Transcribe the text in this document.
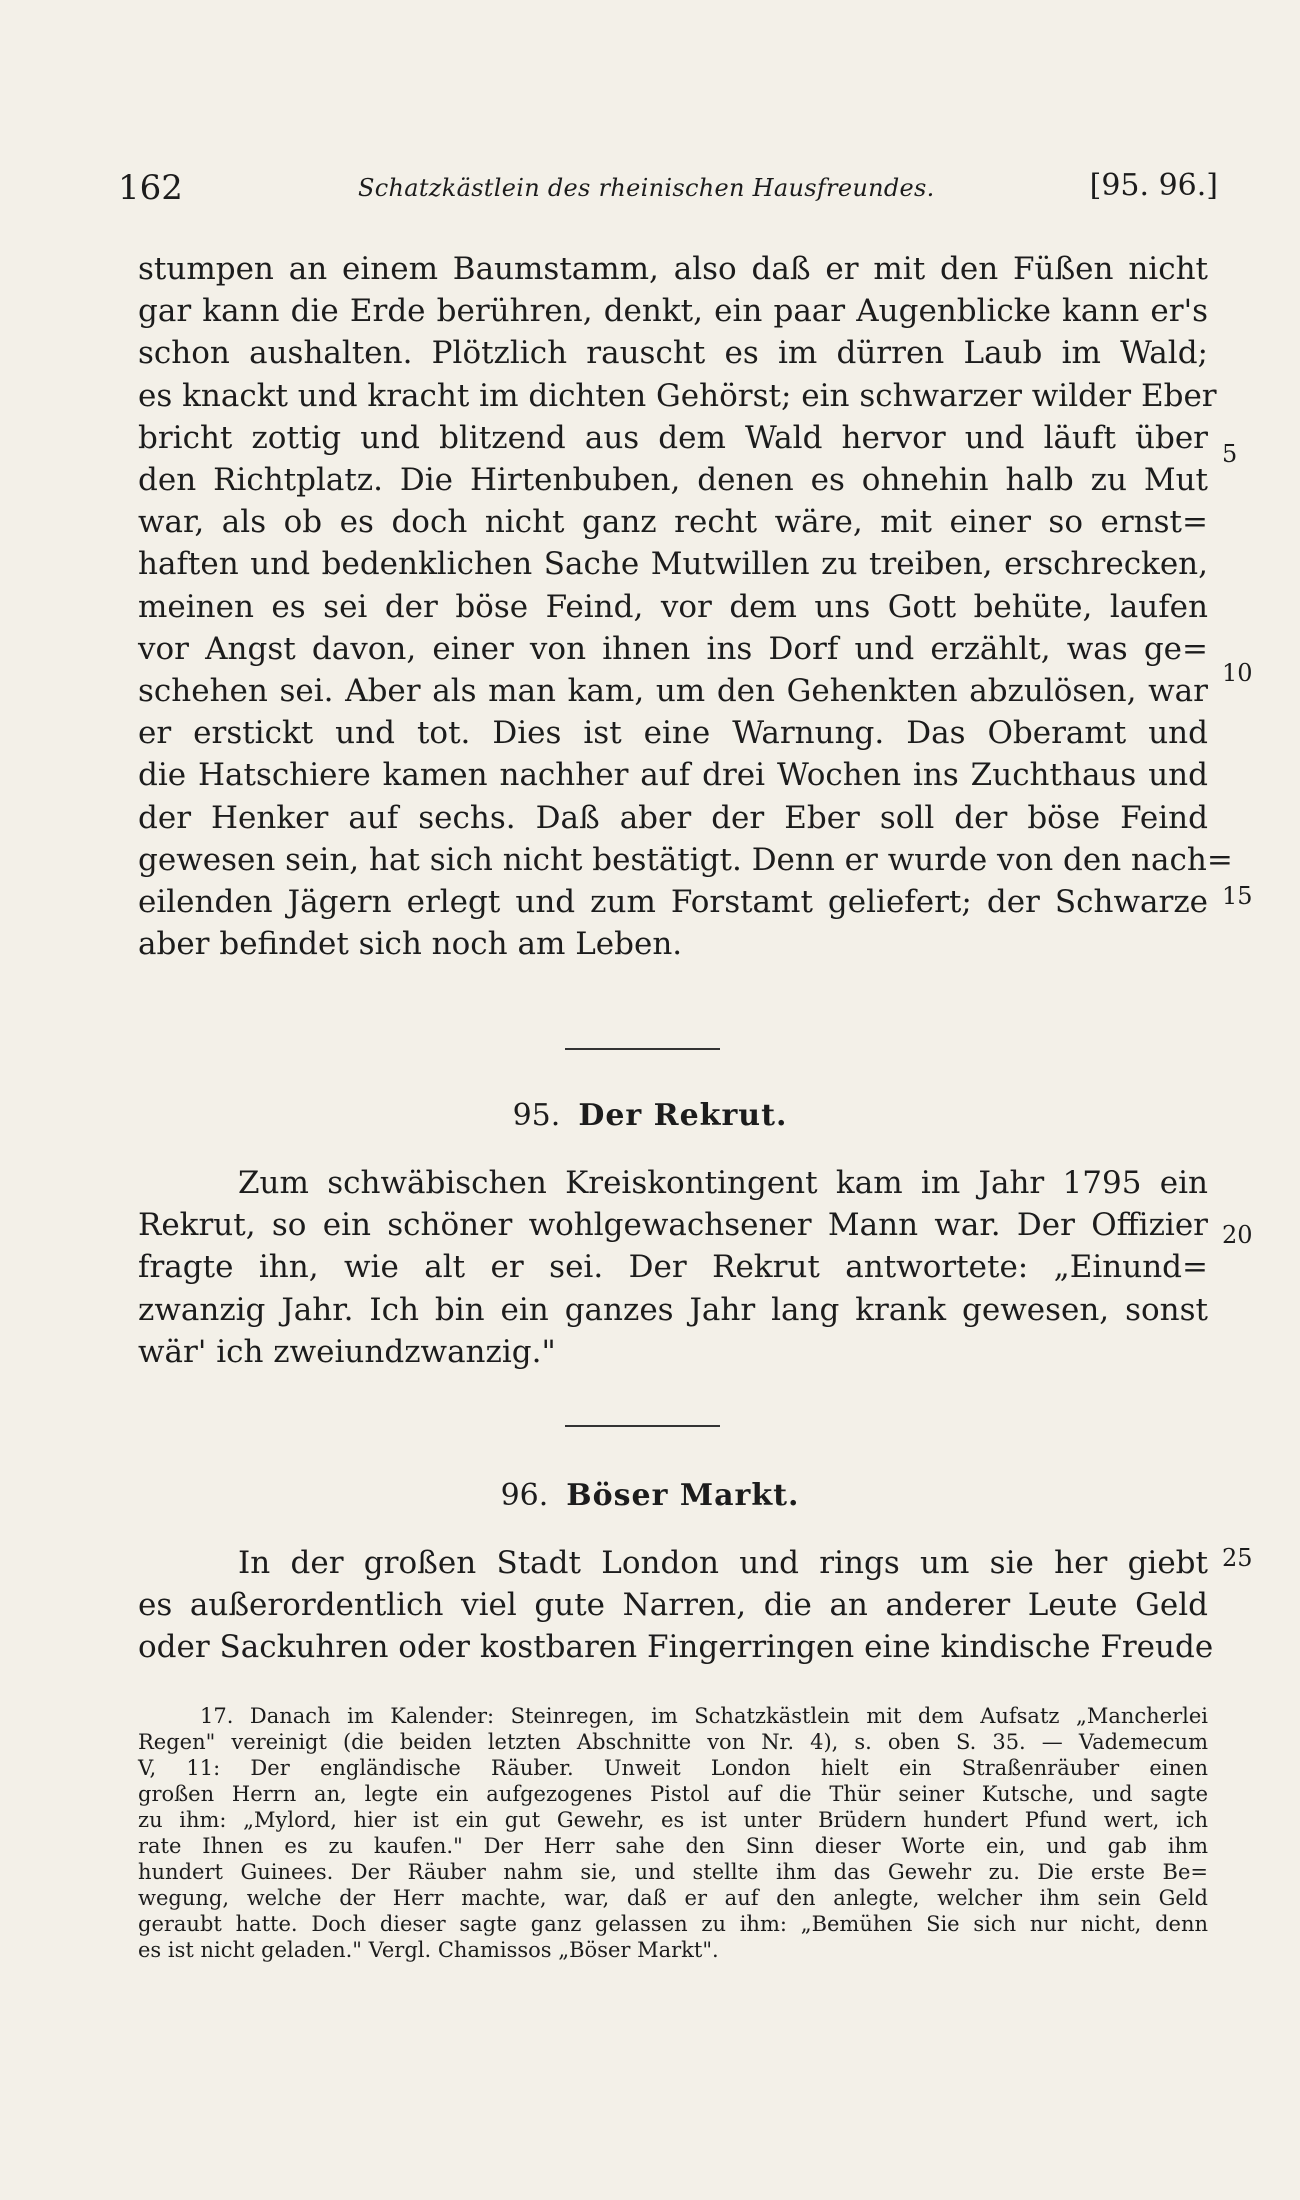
162	Schatzkästlein des rheinischen Hausfreundes.	[95. 96.]
stumpen an einem Baumstamm, also daß er mit den Füßen nicht
gar kann die Erde berühren, denkt, ein paar Augenblicke kann er's
schon aushalten. Plötzlich rauscht es im dürren Laub im Wald;
es knackt und kracht im dichten Gehörst; ein schwarzer wilder Eber
bricht zottig und blitzend aus dem Wald hervor und läuft über
den Richtplatz. Die Hirtenbuben, denen es ohnehin halb zu Mut
war, als ob es doch nicht ganz recht wäre, mit einer so ernst=
haften und bedenklichen Sache Mutwillen zu treiben, erschrecken,
meinen es sei der böse Feind, vor dem uns Gott behüte, laufen
vor Angst davon, einer von ihnen ins Dorf und erzählt, was ge=
schehen sei. Aber als man kam, um den Gehenkten abzulösen, war
er erstickt und tot. Dies ist eine Warnung. Das Oberamt und
die Hatschiere kamen nachher auf drei Wochen ins Zuchthaus und
der Henker auf sechs. Daß aber der Eber soll der böse Feind
gewesen sein, hat sich nicht bestätigt. Denn er wurde von den nach=
eilenden Jägern erlegt und zum Forstamt geliefert; der Schwarze
aber befindet sich noch am Leben.
5
10
15
20
25
95. Der Rekrut.
Zum schwäbischen Kreiskontingent kam im Jahr 1795 ein
Rekrut, so ein schöner wohlgewachsener Mann war. Der Offizier
fragte ihn, wie alt er sei. Der Rekrut antwortete: „Einund=
zwanzig Jahr. Ich bin ein ganzes Jahr lang krank gewesen, sonst
wär' ich zweiundzwanzig."
96. Böser Markt.
In der großen Stadt London und rings um sie her giebt
es außerordentlich viel gute Narren, die an anderer Leute Geld
oder Sackuhren oder kostbaren Fingerringen eine kindische Freude
17. Danach im Kalender: Steinregen, im Schatzkästlein mit dem Aufsatz „Mancherlei
Regen" vereinigt (die beiden letzten Abschnitte von Nr. 4), s. oben S. 35. — Vademecum
V, 11: Der engländische Räuber. Unweit London hielt ein Straßenräuber einen
großen Herrn an, legte ein aufgezogenes Pistol auf die Thür seiner Kutsche, und sagte
zu ihm: „Mylord, hier ist ein gut Gewehr, es ist unter Brüdern hundert Pfund wert, ich
rate Ihnen es zu kaufen." Der Herr sahe den Sinn dieser Worte ein, und gab ihm
hundert Guinees. Der Räuber nahm sie, und stellte ihm das Gewehr zu. Die erste Be=
wegung, welche der Herr machte, war, daß er auf den anlegte, welcher ihm sein Geld
geraubt hatte. Doch dieser sagte ganz gelassen zu ihm: „Bemühen Sie sich nur nicht, denn
es ist nicht geladen." Vergl. Chamissos „Böser Markt".
